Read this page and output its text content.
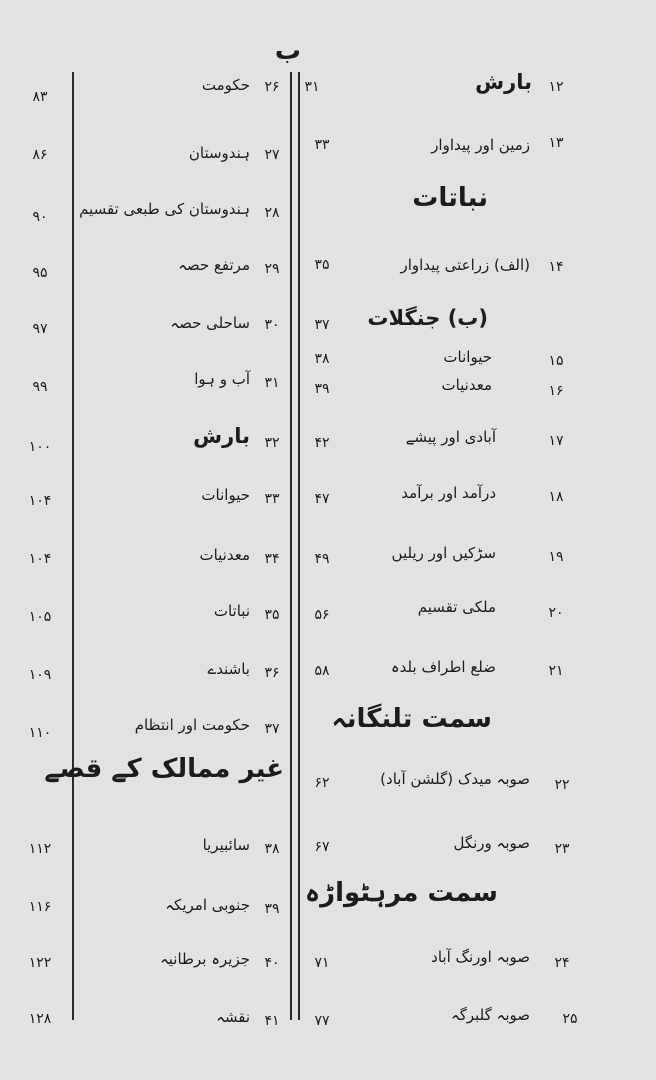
ب
۱۲
بارش
۱۳
زمین اور پیداوار
۳۳
نباتات
۱۴
(الف) زراعتی پیداوار
۳۵
(ب) جنگلات
۳۷
۱۵
حیوانات
۳۸
۱۶
معدنیات
۳۹
۱۷
آبادی اور پیشے
۴۲
۱۸
درآمد اور برآمد
۴۷
۱۹
سڑکیں اور ریلیں
۴۹
۲۰
ملکی تقسیم
۵۶
۲۱
ضلع اطراف بلدہ
۵۸
سمت تلنگانہ
۲۲
صوبہ میدک (گلشن آباد)
۶۲
۲۳
صوبہ ورنگل
۶۷
سمت مرہٹواڑہ
۲۴
صوبہ اورنگ آباد
۷۱
۲۵
صوبہ گلبرگہ
۷۷
۳۱
۲۶
حکومت
۲۷
ہندوستان
۲۸
ہندوستان کی طبعی تقسیم
۲۹
مرتفع حصہ
۳۰
ساحلی حصہ
۳۱
آب و ہوا
۳۲
بارش
۳۳
حیوانات
۳۴
معدنیات
۳۵
نباتات
۳۶
باشندے
۳۷
حکومت اور انتظام
غیر ممالک کے قصے
۳۸
سائبیریا
۳۹
جنوبی امریکہ
۴۰
جزیرہ برطانیہ
۴۱
نقشہ
۸۳
۸۶
۹۰
۹۵
۹۷
۹۹
۱۰۰
۱۰۴
۱۰۴
۱۰۵
۱۰۹
۱۱۰
۱۱۲
۱۱۶
۱۲۲
۱۲۸
